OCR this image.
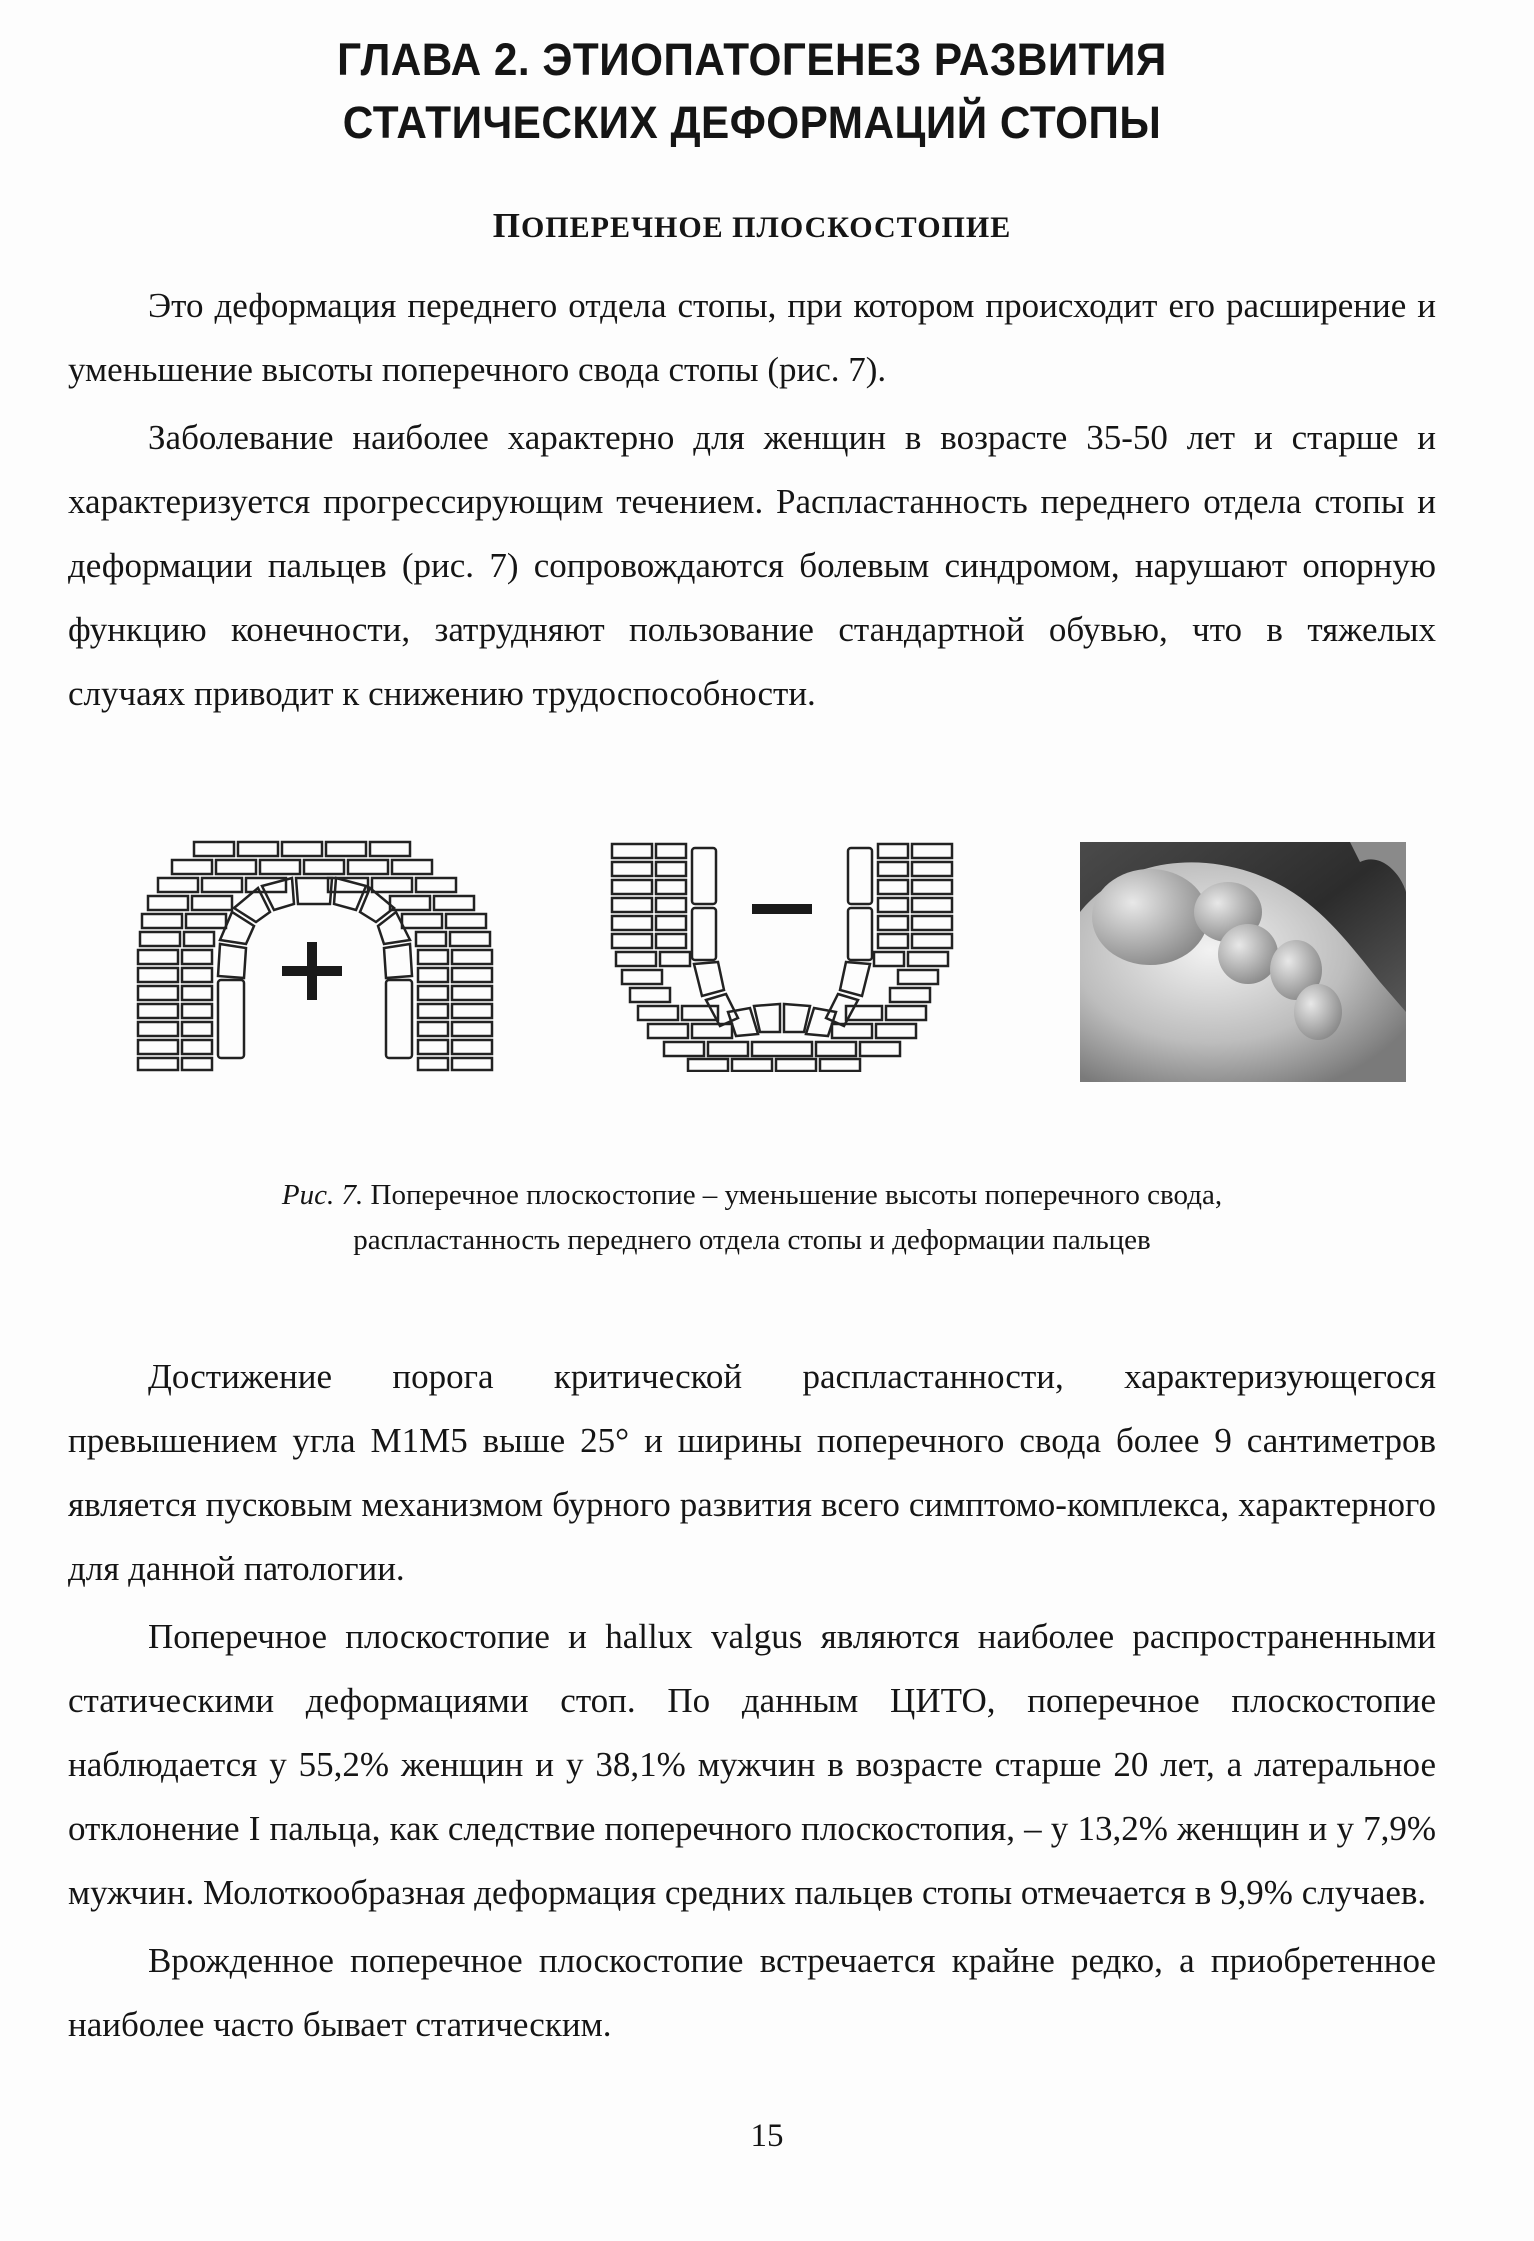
ГЛАВА 2. ЭТИОПАТОГЕНЕЗ РАЗВИТИЯ
СТАТИЧЕСКИХ ДЕФОРМАЦИЙ СТОПЫ
ПОПЕРЕЧНОЕ ПЛОСКОСТОПИЕ

Это деформация переднего отдела стопы, при котором происходит его расширение и уменьшение высоты поперечного свода стопы (рис. 7).

Заболевание наиболее характерно для женщин в возрасте 35-50 лет и старше и характеризуется прогрессирующим течением. Распластанность переднего отдела стопы и деформации пальцев (рис. 7) сопровождаются болевым синдромом, нарушают опорную функцию конечности, затрудняют пользование стандартной обувью, что в тяжелых случаях приводит к снижению трудоспособности.

Рис. 7. Поперечное плоскостопие – уменьшение высоты поперечного свода,
распластанность переднего отдела стопы и деформации пальцев

Достижение порога критической распластанности, характеризующегося превышением угла M1M5 выше 25° и ширины поперечного свода более 9 сантиметров является пусковым механизмом бурного развития всего симптомо-комплекса, характерного для данной патологии.

Поперечное плоскостопие и hallux valgus являются наиболее распространенными статическими деформациями стоп. По данным ЦИТО, поперечное плоскостопие наблюдается у 55,2% женщин и у 38,1% мужчин в возрасте старше 20 лет, а латеральное отклонение I пальца, как следствие поперечного плоскостопия, – у 13,2% женщин и у 7,9% мужчин. Молоткообразная деформация средних пальцев стопы отмечается в 9,9% случаев.

Врожденное поперечное плоскостопие встречается крайне редко, а приобретенное наиболее часто бывает статическим.

15
